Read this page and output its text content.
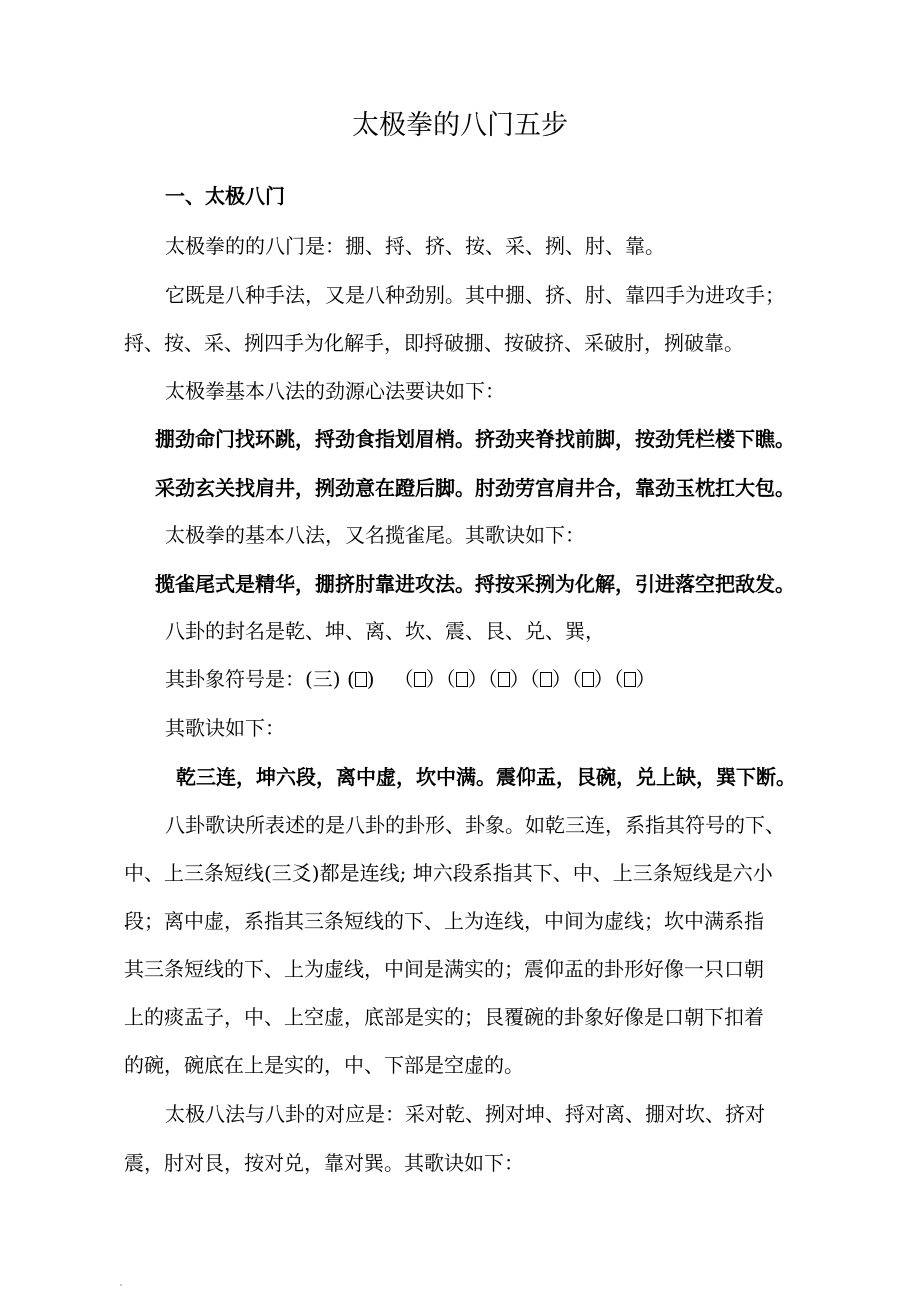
太极拳的八门五步
一、太极八门
太极拳的的八门是：掤、捋、挤、按、采、挒、肘、靠。
它既是八种手法，又是八种劲别。其中掤、挤、肘、靠四手为进攻手；
捋、按、采、挒四手为化解手，即捋破掤、按破挤、采破肘，挒破靠。
太极拳基本八法的劲源心法要诀如下：
掤劲命门找环跳，捋劲食指划眉梢。挤劲夹脊找前脚，按劲凭栏楼下瞧。
采劲玄关找肩井，挒劲意在蹬后脚。肘劲劳宫肩井合，靠劲玉枕扛大包。
太极拳的基本八法，又名揽雀尾。其歌诀如下：
揽雀尾式是精华，掤挤肘靠进攻法。捋按采挒为化解，引进落空把敌发。
八卦的封名是乾、坤、离、坎、震、艮、兑、巽，
其卦象符号是：(三) ( )   （ ）（ ）（ ）（ ）（ ）（ ）
其歌诀如下：
乾三连，坤六段，离中虚，坎中满。震仰盂，艮碗，兑上缺，巽下断。
八卦歌诀所表述的是八卦的卦形、卦象。如乾三连，系指其符号的下、
中、上三条短线(三爻)都是连线; 坤六段系指其下、中、上三条短线是六小
段；离中虚，系指其三条短线的下、上为连线，中间为虚线；坎中满系指
其三条短线的下、上为虚线，中间是满实的；震仰盂的卦形好像一只口朝
上的痰盂子，中、上空虚，底部是实的；艮覆碗的卦象好像是口朝下扣着
的碗，碗底在上是实的，中、下部是空虚的。
太极八法与八卦的对应是：采对乾、挒对坤、捋对离、掤对坎、挤对
震，肘对艮，按对兑，靠对巽。其歌诀如下：
